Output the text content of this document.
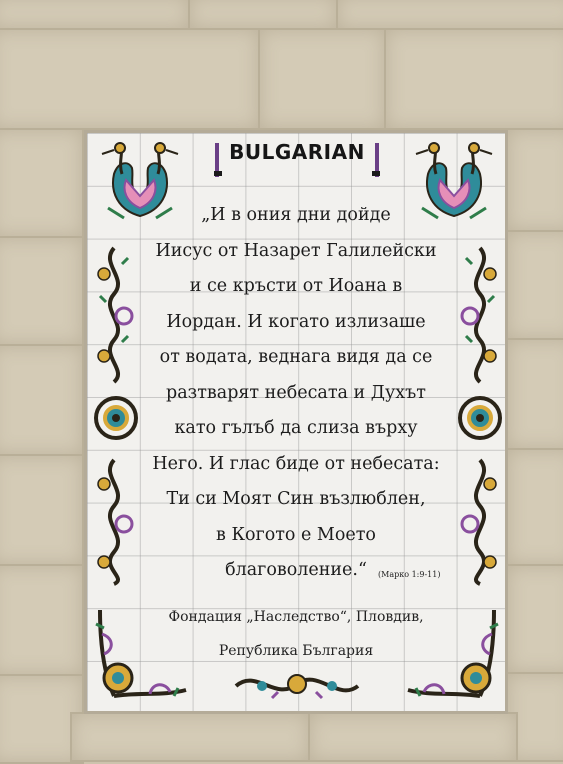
BULGARIAN
„И в ония дни дойде
Иисус от Назарет Галилейски
и се кръсти от Иоана в
Иордан. И когато излизаше
от водата, веднага видя да се
разтварят небесата и Духът
като гълъб да слиза върху
Него. И глас биде от небесата:
Ти си Моят Син възлюблен,
в Когото е Моето
благоволение.“	(Марко 1:9-11)
Фондация „Наследство“, Пловдив,
Република България
